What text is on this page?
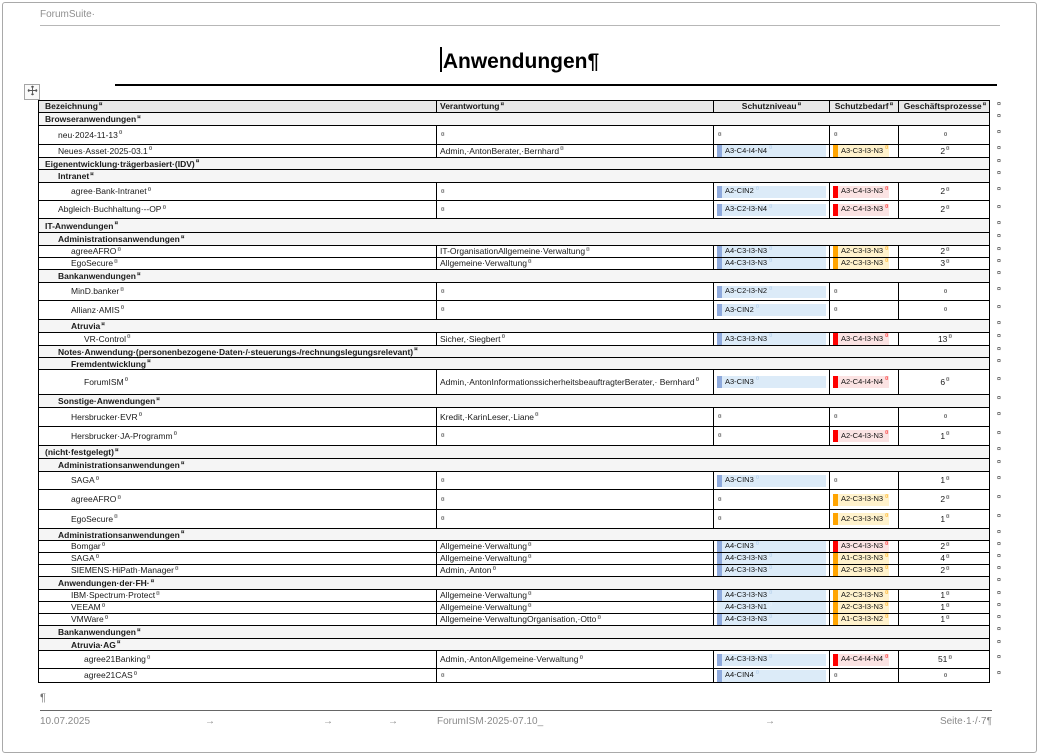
ForumSuite·
Anwendungen¶
Bezeichnung ¤	Verantwortung ¤	Schutzniveau ¤	Schutzbedarf ¤ Geschäftsprozesse ¤
Browseranwendungen ¤
neu·2024-11-13 ¤	¤	¤	¤	¤
Neues·Asset·2025-03.1 ¤	Admin,·AntonBerater,·Bernhard ¤	A3-C4-I4-N4 ¤	A3-C3-I3-N3 ¤	2 ¤
Eigenentwicklung·trägerbasiert·(IDV) ¤
Intranet ¤
agree·Bank-Intranet ¤	¤	A2-CIN2 ¤	A3-C4-I3-N3 ¤	2 ¤
Abgleich·Buchhaltung·--OP ¤	¤	A3-C2-I3-N4 ¤	A2-C4-I3-N3 ¤	2 ¤
IT-Anwendungen ¤
Administrationsanwendungen ¤
agreeAFRO ¤	IT-OrganisationAllgemeine·Verwaltung ¤	A4-C3-I3-N3 ¤	A2-C3-I3-N3 ¤	2 ¤
EgoSecure ¤	Allgemeine·Verwaltung ¤	A4-C3-I3-N3 ¤	A2-C3-I3-N3 ¤	3 ¤
Bankanwendungen ¤
MinD.banker ¤	¤	A3-C2-I3-N2 ¤	¤	¤
Allianz·AMIS ¤	¤	A3-CIN2 ¤	¤	¤
Atruvia ¤
VR-Control ¤	Sicher,·Siegbert ¤	A3-C3-I3-N3 ¤	A3-C4-I3-N3 ¤	13 ¤
Notes·Anwendung·(personenbezogene·Daten·/·steuerungs-/rechnungslegungsrelevant) ¤
Fremdentwicklung ¤
ForumISM ¤	Admin,·AntonInformationssicherheitsbeauftragterBerater,· Bernhard ¤	A3-CIN3 ¤	A2-C4-I4-N4 ¤	6 ¤
Sonstige·Anwendungen ¤
Hersbrucker·EVR ¤	Kredit,·KarinLeser,·Liane ¤	¤	¤	¤
Hersbrucker·JA-Programm ¤	¤	¤	A2-C4-I3-N3 ¤	1 ¤
(nicht·festgelegt) ¤
Administrationsanwendungen ¤
SAGA ¤	¤	A3-CIN3 ¤	¤	1 ¤
agreeAFRO ¤	¤	¤	A2-C3-I3-N3 ¤	2 ¤
EgoSecure ¤	¤	¤	A2-C3-I3-N3 ¤	1 ¤
Administrationsanwendungen ¤
Bomgar ¤	Allgemeine·Verwaltung ¤	A4-CIN3 ¤	A3-C4-I3-N3 ¤	2 ¤
SAGA ¤	Allgemeine·Verwaltung ¤	A4-C3-I3-N3 ¤	A1-C3-I3-N3 ¤	4 ¤
SIEMENS·HiPath·Manager ¤	Admin,·Anton ¤	A4-C3-I3-N3 ¤	A2-C3-I3-N3 ¤	2 ¤
Anwendungen·der·FH· ¤
IBM·Spectrum·Protect ¤	Allgemeine·Verwaltung ¤	A4-C3-I3-N3 ¤	A2-C3-I3-N3 ¤	1 ¤
VEEAM ¤	Allgemeine·Verwaltung ¤	A4-C3-I3-N1 ¤	A2-C3-I3-N3 ¤	1 ¤
VMWare ¤	Allgemeine·VerwaltungOrganisation,·Otto ¤	A4-C3-I3-N3 ¤	A1-C3-I3-N2 ¤	1 ¤
Bankanwendungen ¤
Atruvia·AG ¤
agree21Banking ¤	Admin,·AntonAllgemeine·Verwaltung ¤	A4-C3-I3-N3 ¤	A4-C4-I4-N4 ¤	51 ¤
agree21CAS ¤	¤	A4-CIN4 ¤	¤	¤
¤
¤
¤
¤
¤
¤
¤
¤
¤
¤
¤
¤
¤
¤
¤
¤
¤
¤
¤
¤
¤
¤
¤
¤
¤
¤
¤
¤
¤
¤
¤
¤
¤
¤
¤
¤
¤
¤
¤
¤
¶
10.07.2025	→	→	→	ForumISM·2025-07.10_	→	Seite·1·/·7¶
